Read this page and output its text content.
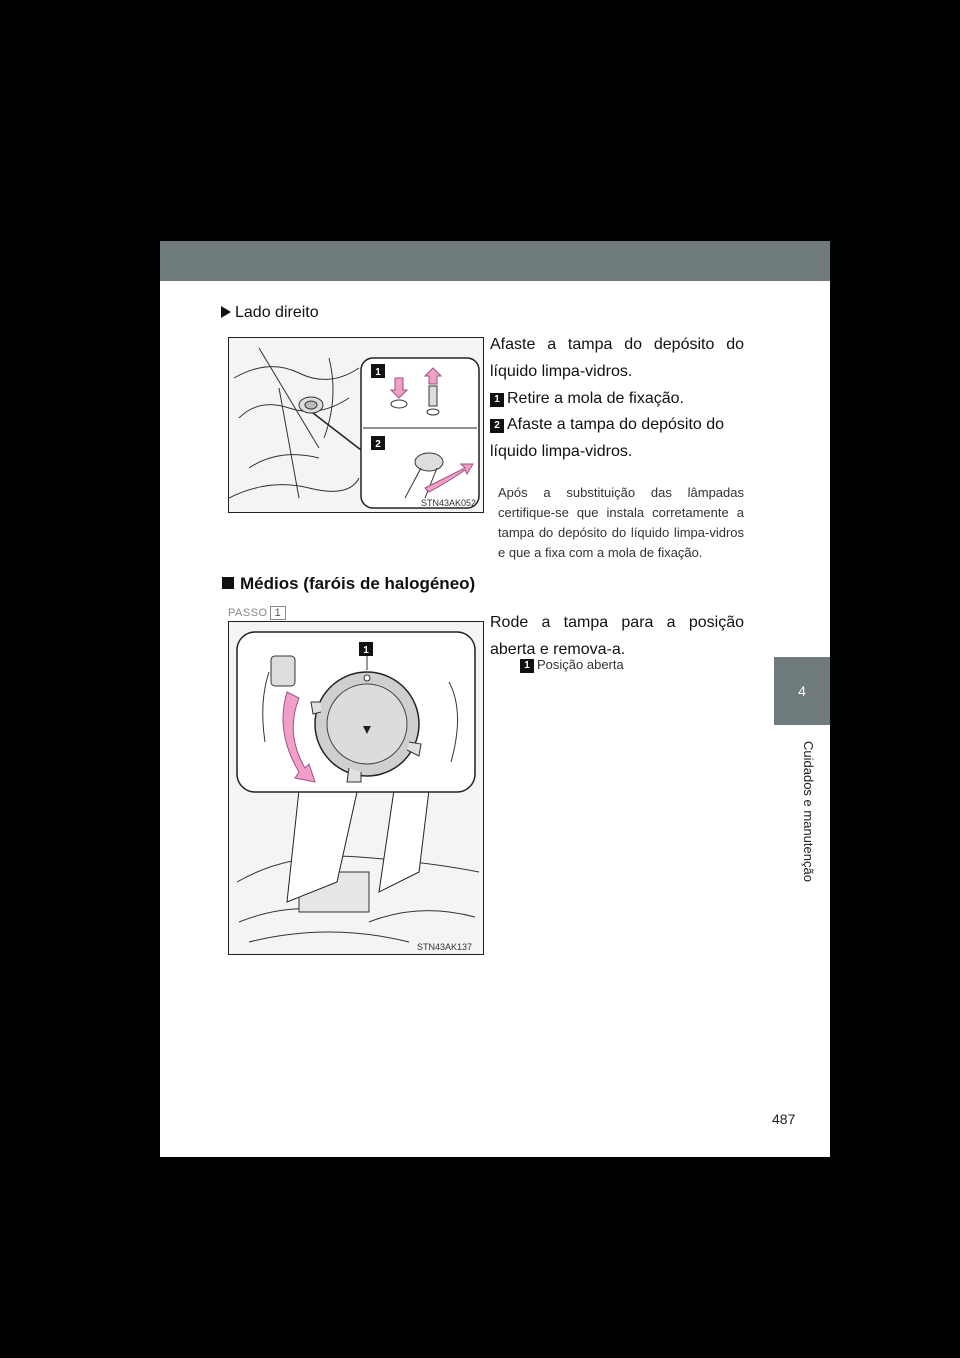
4
Cuidados e manutenção
Lado direito
1
2
STN43AK052
Afaste a tampa do depósito do líquido limpa-vidros.
1 Retire a mola de fixação.
2 Afaste a tampa do depósito do líquido limpa-vidros.
Após a substituição das lâmpadas certifique-se que instala corretamente a tampa do depósito do líquido limpa-vidros e que a fixa com a mola de fixação.
Médios (faróis de halogéneo)
PASSO 1
1
STN43AK137
Rode a tampa para a posição aberta e remova-a.
1 Posição aberta
487
